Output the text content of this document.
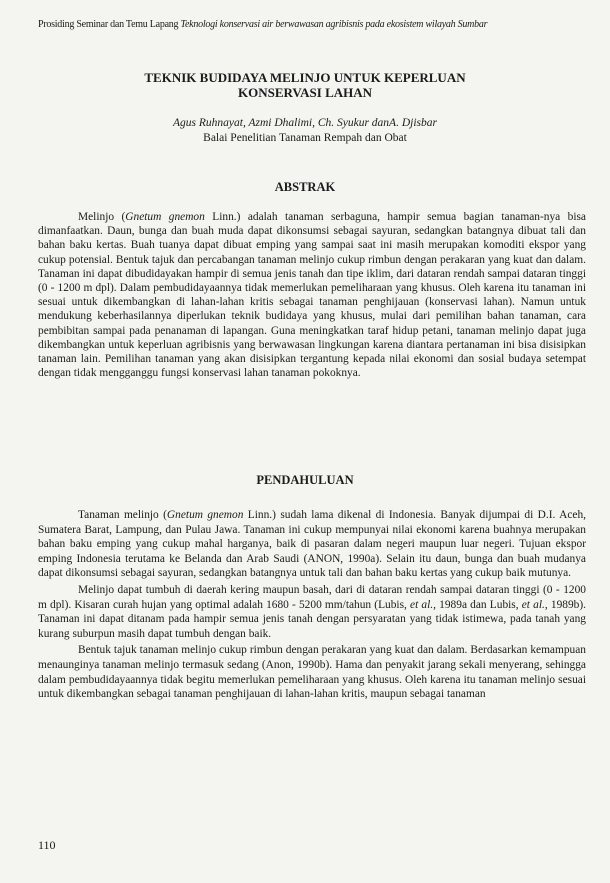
Prosiding Seminar dan Temu Lapang Teknologi konservasi air berwawasan agribisnis pada ekosistem wilayah Sumbar
TEKNIK BUDIDAYA MELINJO UNTUK KEPERLUAN
KONSERVASI LAHAN
Agus Ruhnayat, Azmi Dhalimi, Ch. Syukur danA. Djisbar
Balai Penelitian Tanaman Rempah dan Obat
ABSTRAK

Melinjo (Gnetum gnemon Linn.) adalah tanaman serbaguna, hampir semua bagian tanaman-nya bisa dimanfaatkan. Daun, bunga dan buah muda dapat dikonsumsi sebagai sayuran, sedangkan batangnya dibuat tali dan bahan baku kertas. Buah tuanya dapat dibuat emping yang sampai saat ini masih merupakan komoditi ekspor yang cukup potensial. Bentuk tajuk dan percabangan tanaman melinjo cukup rimbun dengan perakaran yang kuat dan dalam. Tanaman ini dapat dibudidayakan hampir di semua jenis tanah dan tipe iklim, dari dataran rendah sampai dataran tinggi (0 - 1200 m dpl). Dalam pembudidayaannya tidak memerlukan pemeliharaan yang khusus. Oleh karena itu tanaman ini sesuai untuk dikembangkan di lahan-lahan kritis sebagai tanaman penghijauan (konservasi lahan). Namun untuk mendukung keberhasilannya diperlukan teknik budidaya yang khusus, mulai dari pemilihan bahan tanaman, cara pembibitan sampai pada penanaman di lapangan. Guna meningkatkan taraf hidup petani, tanaman melinjo dapat juga dikembangkan untuk keperluan agribisnis yang berwawasan lingkungan karena diantara pertanaman ini bisa disisipkan tanaman lain. Pemilihan tanaman yang akan disisipkan tergantung kepada nilai ekonomi dan sosial budaya setempat dengan tidak mengganggu fungsi konservasi lahan tanaman pokoknya.

PENDAHULUAN

Tanaman melinjo (Gnetum gnemon Linn.) sudah lama dikenal di Indonesia. Banyak dijumpai di D.I. Aceh, Sumatera Barat, Lampung, dan Pulau Jawa. Tanaman ini cukup mempunyai nilai ekonomi karena buahnya merupakan bahan baku emping yang cukup mahal harganya, baik di pasaran dalam negeri maupun luar negeri. Tujuan ekspor emping Indonesia terutama ke Belanda dan Arab Saudi (ANON, 1990a). Selain itu daun, bunga dan buah mudanya dapat dikonsumsi sebagai sayuran, sedangkan batangnya untuk tali dan bahan baku kertas yang cukup baik mutunya.

Melinjo dapat tumbuh di daerah kering maupun basah, dari di dataran rendah sampai dataran tinggi (0 - 1200 m dpl). Kisaran curah hujan yang optimal adalah 1680 - 5200 mm/tahun (Lubis, et al., 1989a dan Lubis, et al., 1989b). Tanaman ini dapat ditanam pada hampir semua jenis tanah dengan persyaratan yang tidak istimewa, pada tanah yang kurang suburpun masih dapat tumbuh dengan baik.

Bentuk tajuk tanaman melinjo cukup rimbun dengan perakaran yang kuat dan dalam. Berdasarkan kemampuan menaunginya tanaman melinjo termasuk sedang (Anon, 1990b). Hama dan penyakit jarang sekali menyerang, sehingga dalam pembudidayaannya tidak begitu memerlukan pemeliharaan yang khusus. Oleh karena itu tanaman melinjo sesuai untuk dikembangkan sebagai tanaman penghijauan di lahan-lahan kritis, maupun sebagai tanaman

110
